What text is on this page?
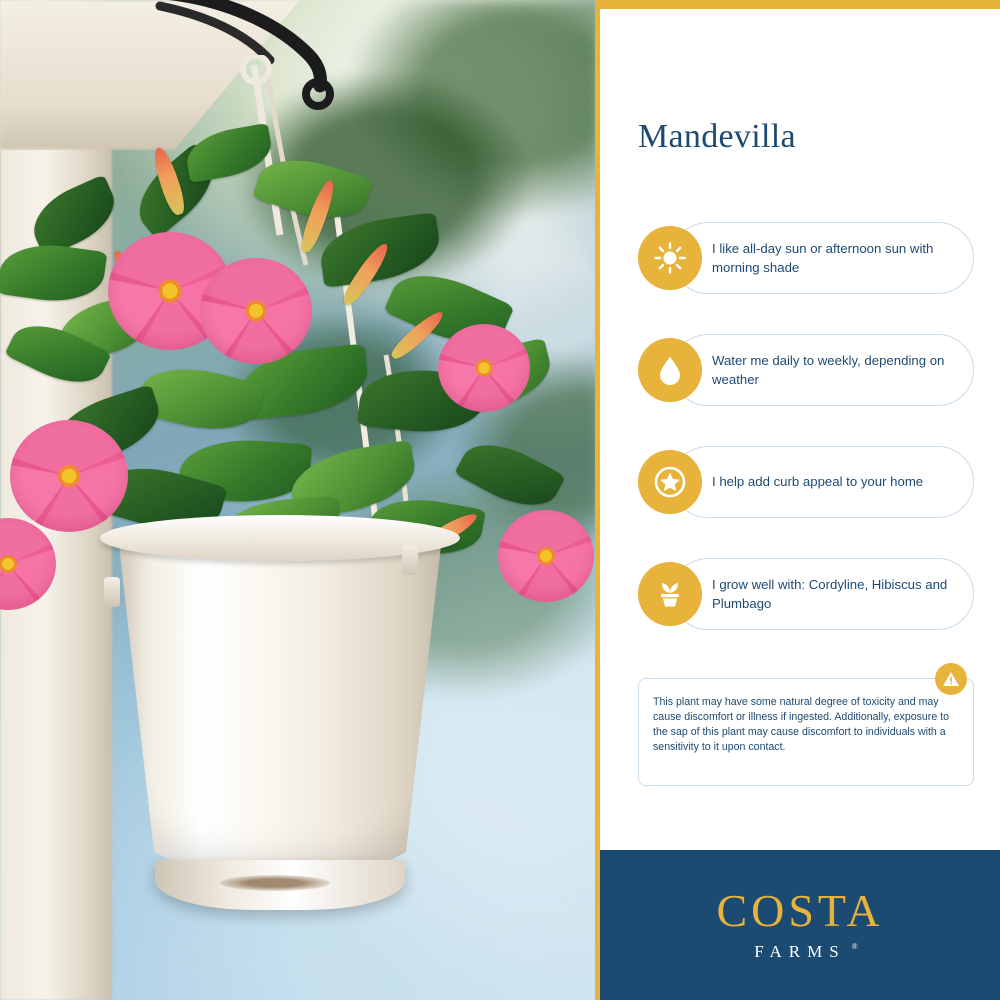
Mandevilla
I like all-day sun or afternoon sun with morning shade
Water me daily to weekly, depending on weather
I help add curb appeal to your home
I grow well with: Cordyline, Hibiscus and Plumbago
This plant may have some natural degree of toxicity and may cause discomfort or illness if ingested. Additionally, exposure to the sap of this plant may cause discomfort to individuals with a sensitivity to it upon contact.
COSTA
FARMS ®
